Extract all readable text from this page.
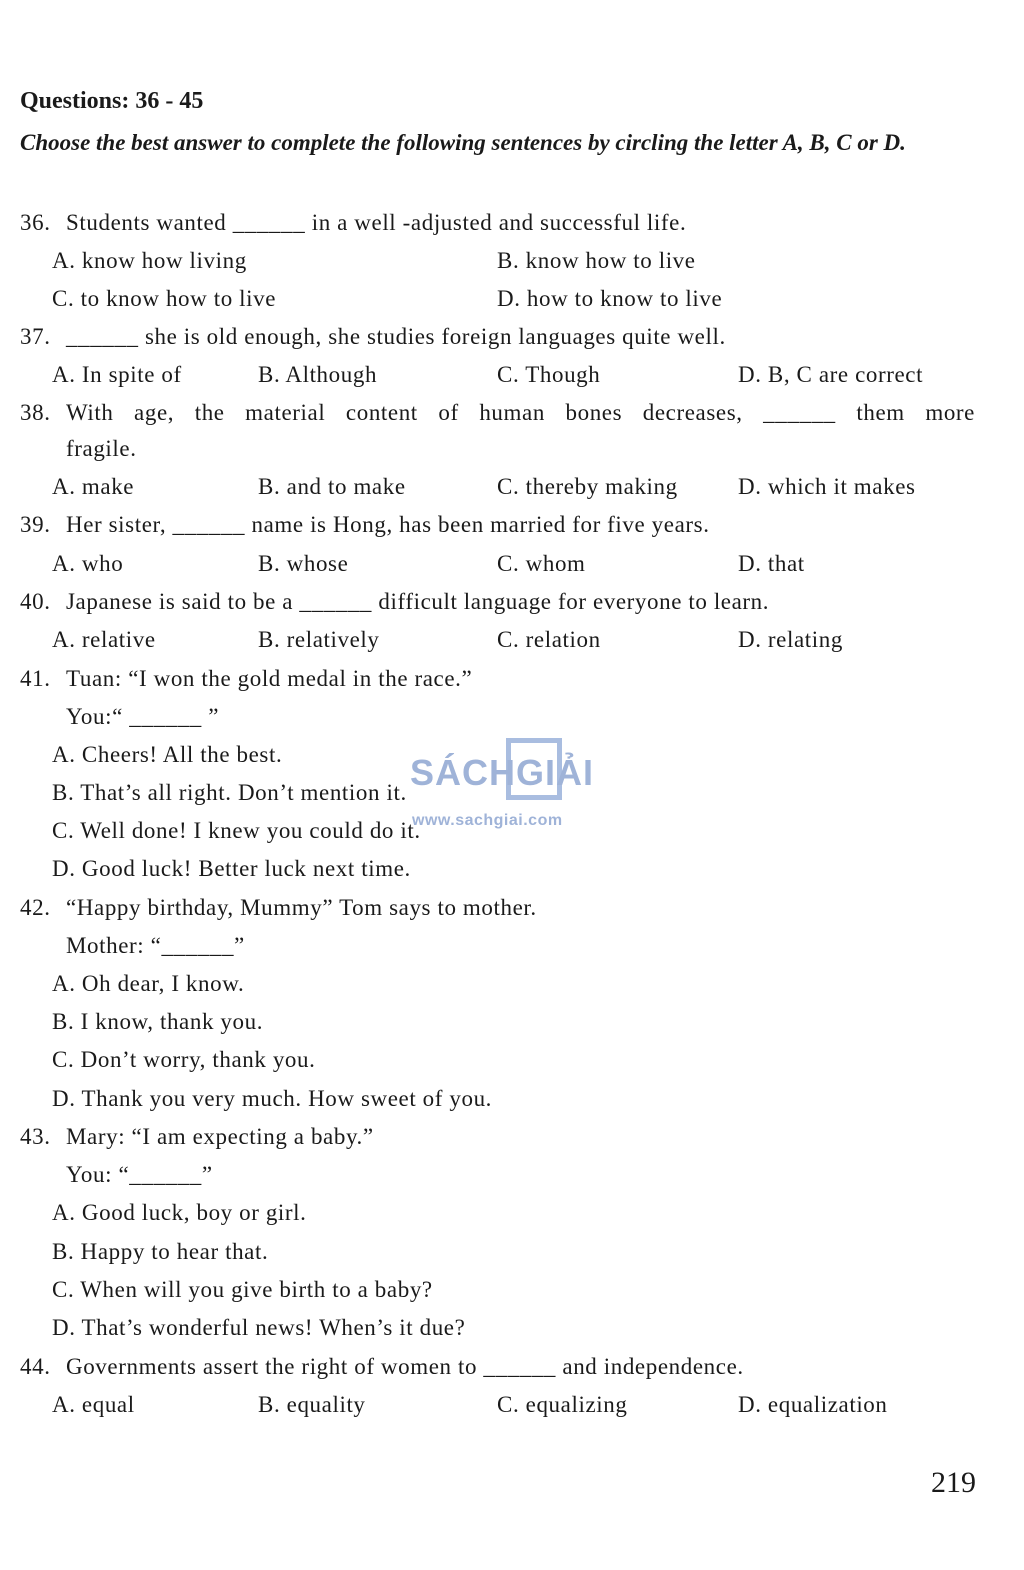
Questions: 36 - 45
Choose the best answer to complete the following sentences by circling the letter A, B, C or D.
36. Students wanted ______ in a well -adjusted and successful life.
A. know how living	B. know how to live
C. to know how to live	D. how to know to live
37. ______ she is old enough, she studies foreign languages quite well.
A. In spite of	B. Although	C. Though	D. B, C are correct
38. With age, the material content of human bones decreases, ______ them more
fragile.
A. make	B. and to make	C. thereby making	D. which it makes
39. Her sister, ______ name is Hong, has been married for five years.
A. who	B. whose	C. whom	D. that
40. Japanese is said to be a ______ difficult language for everyone to learn.
A. relative	B. relatively	C. relation	D. relating
41. Tuan: “I won the gold medal in the race.”
You:“ ______ ”
A. Cheers! All the best.
B. That’s all right. Don’t mention it.
C. Well done! I knew you could do it.
D. Good luck! Better luck next time.
42. “Happy birthday, Mummy” Tom says to mother.
Mother: “______”
A. Oh dear, I know.
B. I know, thank you.
C. Don’t worry, thank you.
D. Thank you very much. How sweet of you.
43. Mary: “I am expecting a baby.”
You: “______”
A. Good luck, boy or girl.
B. Happy to hear that.
C. When will you give birth to a baby?
D. That’s wonderful news! When’s it due?
44. Governments assert the right of women to ______ and independence.
A. equal	B. equality	C. equalizing	D. equalization
SÁCHGIẢI
www.sachgiai.com
219
